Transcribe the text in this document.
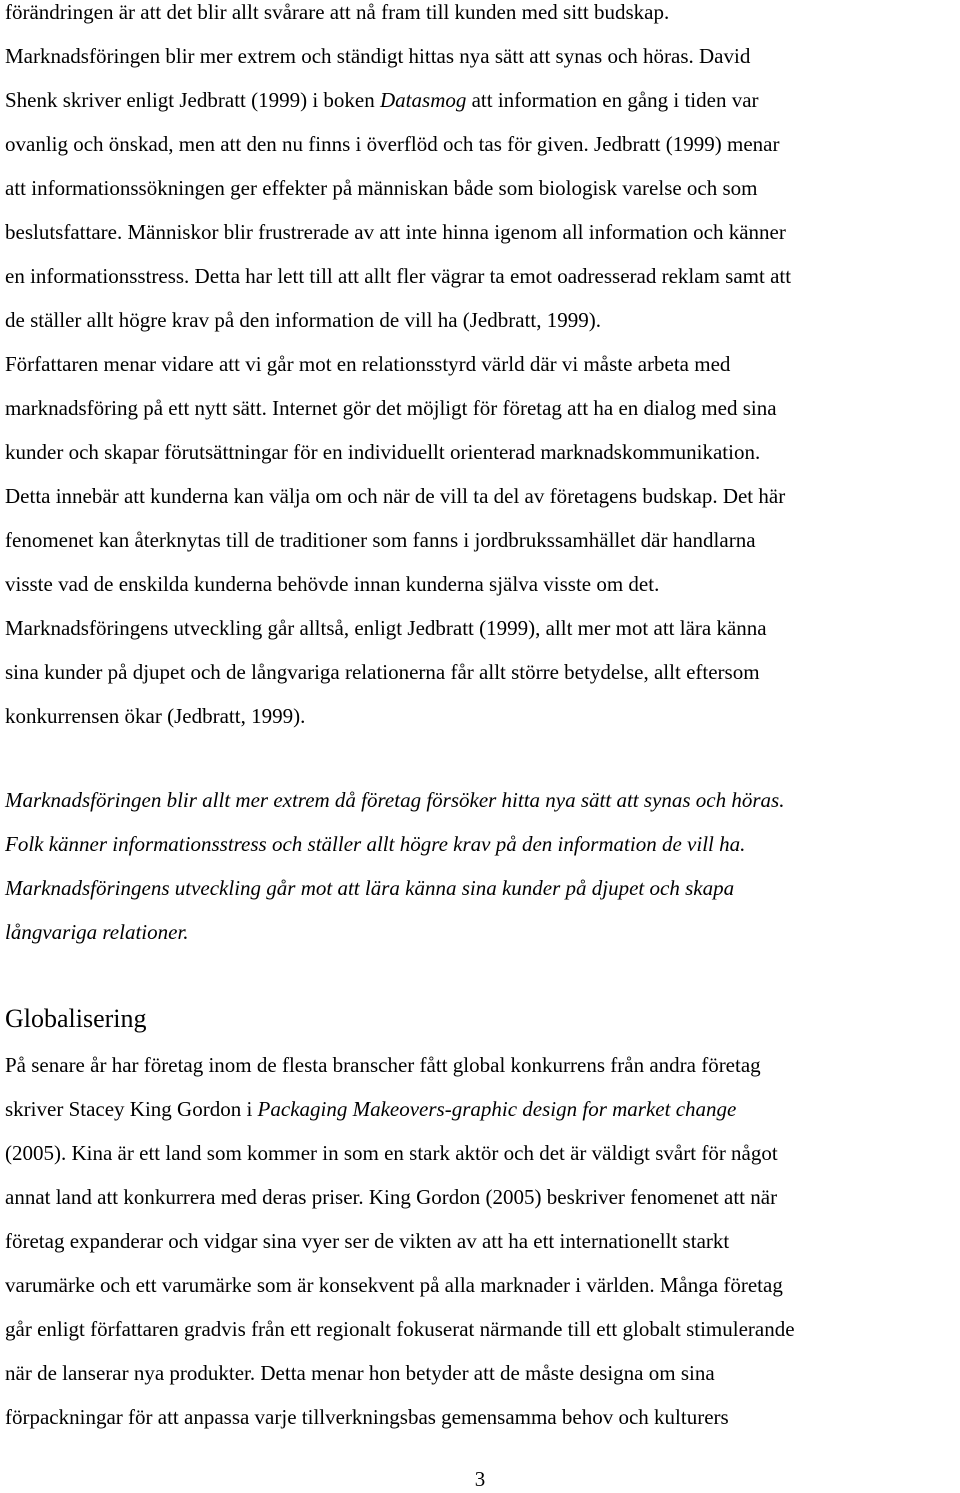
förändringen är att det blir allt svårare att nå fram till kunden med sitt budskap.
Marknadsföringen blir mer extrem och ständigt hittas nya sätt att synas och höras. David
Shenk skriver enligt Jedbratt (1999) i boken Datasmog att information en gång i tiden var
ovanlig och önskad, men att den nu finns i överflöd och tas för given. Jedbratt (1999) menar
att informationssökningen ger effekter på människan både som biologisk varelse och som
beslutsfattare. Människor blir frustrerade av att inte hinna igenom all information och känner
en informationsstress. Detta har lett till att allt fler vägrar ta emot oadresserad reklam samt att
de ställer allt högre krav på den information de vill ha (Jedbratt, 1999).
Författaren menar vidare att vi går mot en relationsstyrd värld där vi måste arbeta med
marknadsföring på ett nytt sätt. Internet gör det möjligt för företag att ha en dialog med sina
kunder och skapar förutsättningar för en individuellt orienterad marknadskommunikation.
Detta innebär att kunderna kan välja om och när de vill ta del av företagens budskap. Det här
fenomenet kan återknytas till de traditioner som fanns i jordbrukssamhället där handlarna
visste vad de enskilda kunderna behövde innan kunderna själva visste om det.
Marknadsföringens utveckling går alltså, enligt Jedbratt (1999), allt mer mot att lära känna
sina kunder på djupet och de långvariga relationerna får allt större betydelse, allt eftersom
konkurrensen ökar (Jedbratt, 1999).
Marknadsföringen blir allt mer extrem då företag försöker hitta nya sätt att synas och höras.
Folk känner informationsstress och ställer allt högre krav på den information de vill ha.
Marknadsföringens utveckling går mot att lära känna sina kunder på djupet och skapa
långvariga relationer.
Globalisering
På senare år har företag inom de flesta branscher fått global konkurrens från andra företag
skriver Stacey King Gordon i Packaging Makeovers-graphic design for market change
(2005). Kina är ett land som kommer in som en stark aktör och det är väldigt svårt för något
annat land att konkurrera med deras priser. King Gordon (2005) beskriver fenomenet att när
företag expanderar och vidgar sina vyer ser de vikten av att ha ett internationellt starkt
varumärke och ett varumärke som är konsekvent på alla marknader i världen. Många företag
går enligt författaren gradvis från ett regionalt fokuserat närmande till ett globalt stimulerande
när de lanserar nya produkter. Detta menar hon betyder att de måste designa om sina
förpackningar för att anpassa varje tillverkningsbas gemensamma behov och kulturers
3
